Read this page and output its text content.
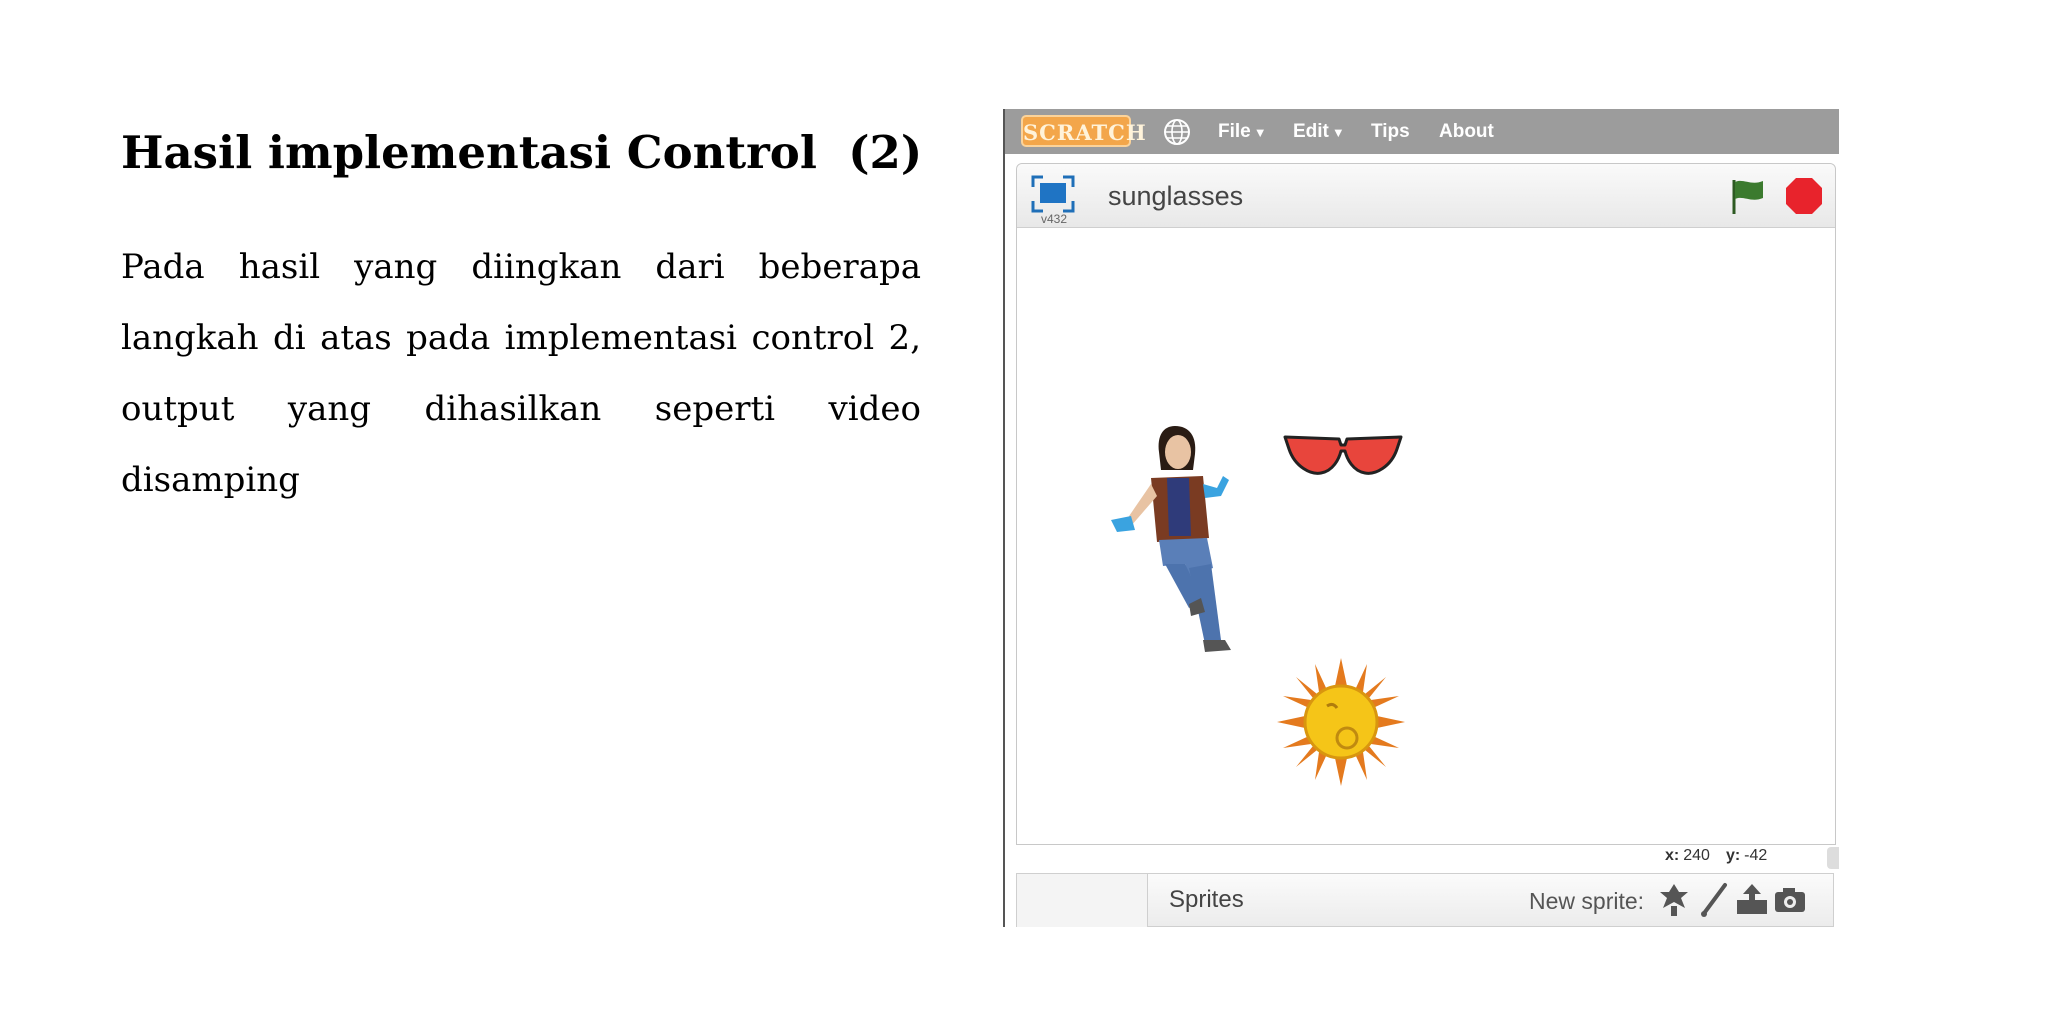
Hasil implementasi Control  (2)

Pada hasil yang diingkan dari beberapa langkah di atas pada implementasi control 2, output yang dihasilkan seperti video disamping

SCRATCH	File ▼ Edit ▼ Tips About
v432
sunglasses
x: 240 y: -42
Sprites	New sprite:
